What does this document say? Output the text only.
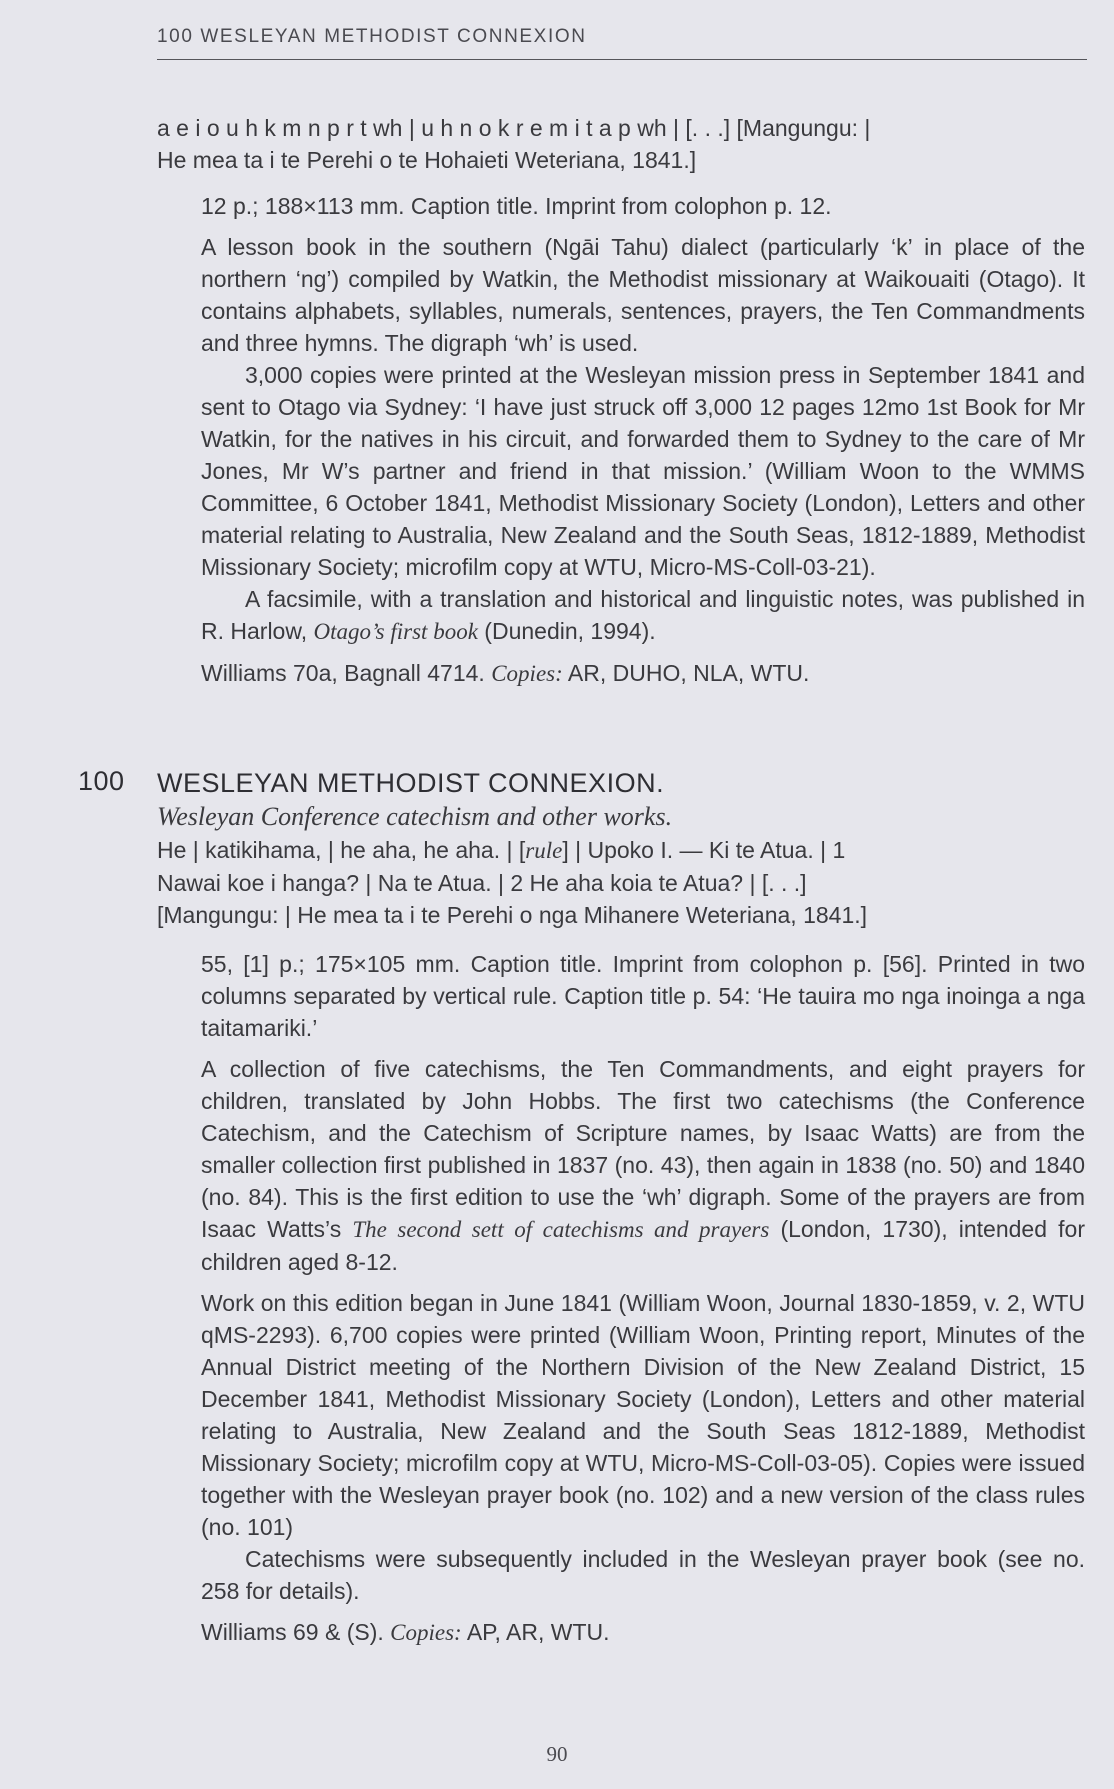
100 WESLEYAN METHODIST CONNEXION

a e i o u h k m n p r t wh | u h n o k r e m i t a p wh | [. . .] [Mangungu: |

He mea ta i te Perehi o te Hohaieti Weteriana, 1841.]

12 p.; 188×113 mm. Caption title. Imprint from colophon p. 12.

A lesson book in the southern (Ngāi Tahu) dialect (particularly ‘k’ in place of the northern ‘ng’) compiled by Watkin, the Methodist missionary at Waikouaiti (Otago). It contains alphabets, syllables, numerals, sentences, prayers, the Ten Commandments and three hymns. The digraph ‘wh’ is used.

3,000 copies were printed at the Wesleyan mission press in September 1841 and sent to Otago via Sydney: ‘I have just struck off 3,000 12 pages 12mo 1st Book for Mr Watkin, for the natives in his circuit, and forwarded them to Sydney to the care of Mr Jones, Mr W’s partner and friend in that mission.’ (William Woon to the WMMS Committee, 6 October 1841, Methodist Missionary Society (London), Letters and other material relating to Australia, New Zealand and the South Seas, 1812-1889, Methodist Missionary Society; microfilm copy at WTU, Micro-MS-Coll-03-21).

A facsimile, with a translation and historical and linguistic notes, was published in R. Harlow, Otago’s first book (Dunedin, 1994).

Williams 70a, Bagnall 4714. Copies: AR, DUHO, NLA, WTU.

100 WESLEYAN METHODIST CONNEXION.

Wesleyan Conference catechism and other works.

He | katikihama, | he aha, he aha. | [rule] | Upoko I. — Ki te Atua. | 1

Nawai koe i hanga? | Na te Atua. | 2 He aha koia te Atua? | [. . .]

[Mangungu: | He mea ta i te Perehi o nga Mihanere Weteriana, 1841.]

55, [1] p.; 175×105 mm. Caption title. Imprint from colophon p. [56]. Printed in two columns separated by vertical rule. Caption title p. 54: ‘He tauira mo nga inoinga a nga taitamariki.’

A collection of five catechisms, the Ten Commandments, and eight prayers for children, translated by John Hobbs. The first two catechisms (the Conference Catechism, and the Catechism of Scripture names, by Isaac Watts) are from the smaller collection first published in 1837 (no. 43), then again in 1838 (no. 50) and 1840 (no. 84). This is the first edition to use the ‘wh’ digraph. Some of the prayers are from Isaac Watts’s The second sett of catechisms and prayers (London, 1730), intended for children aged 8-12.

Work on this edition began in June 1841 (William Woon, Journal 1830-1859, v. 2, WTU qMS-2293). 6,700 copies were printed (William Woon, Printing report, Minutes of the Annual District meeting of the Northern Division of the New Zealand District, 15 December 1841, Methodist Missionary Society (London), Letters and other material relating to Australia, New Zealand and the South Seas 1812-1889, Methodist Missionary Society; microfilm copy at WTU, Micro-MS-Coll-03-05). Copies were issued together with the Wesleyan prayer book (no. 102) and a new version of the class rules (no. 101)

Catechisms were subsequently included in the Wesleyan prayer book (see no. 258 for details).

Williams 69 & (S). Copies: AP, AR, WTU.

90
